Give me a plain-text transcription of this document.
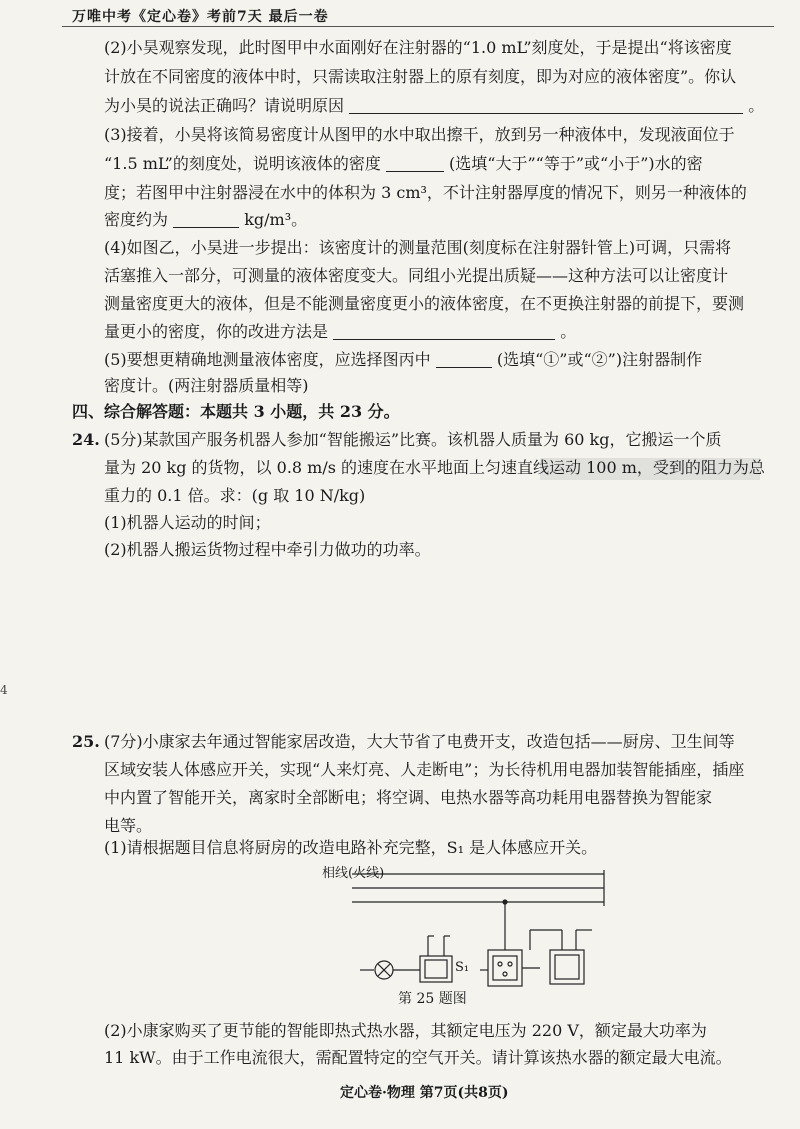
万唯中考《定心卷》考前7天 最后一卷
(2)小昊观察发现，此时图甲中水面刚好在注射器的“1.0 mL”刻度处，于是提出“将该密度
计放在不同密度的液体中时，只需读取注射器上的原有刻度，即为对应的液体密度”。你认
为小昊的说法正确吗？请说明原因	。
(3)接着，小昊将该简易密度计从图甲的水中取出擦干，放到另一种液体中，发现液面位于
“1.5 mL”的刻度处，说明该液体的密度	(选填“大于”“等于”或“小于”)水的密
度；若图甲中注射器浸在水中的体积为 3 cm³，不计注射器厚度的情况下，则另一种液体的
密度约为	kg/m³。
(4)如图乙，小昊进一步提出：该密度计的测量范围(刻度标在注射器针管上)可调，只需将
活塞推入一部分，可测量的液体密度变大。同组小光提出质疑——这种方法可以让密度计
测量密度更大的液体，但是不能测量密度更小的液体密度，在不更换注射器的前提下，要测
量更小的密度，你的改进方法是	。
(5)要想更精确地测量液体密度，应选择图丙中	(选填“①”或“②”)注射器制作
密度计。(两注射器质量相等)
四、综合解答题：本题共 3 小题，共 23 分。
24. (5分)某款国产服务机器人参加“智能搬运”比赛。该机器人质量为 60 kg，它搬运一个质
量为 20 kg 的货物，以 0.8 m/s 的速度在水平地面上匀速直线运动 100 m，受到的阻力为总
重力的 0.1 倍。求：(g 取 10 N/kg)
(1)机器人运动的时间；
(2)机器人搬运货物过程中牵引力做功的功率。
4
25. (7分)小康家去年通过智能家居改造，大大节省了电费开支，改造包括——厨房、卫生间等
区域安装人体感应开关，实现“人来灯亮、人走断电”；为长待机用电器加装智能插座，插座
中内置了智能开关，离家时全部断电；将空调、电热水器等高功耗用电器替换为智能家
电等。
(1)请根据题目信息将厨房的改造电路补充完整，S₁ 是人体感应开关。
相线(火线)
S₁
第 25 题图
(2)小康家购买了更节能的智能即热式热水器，其额定电压为 220 V，额定最大功率为
11 kW。由于工作电流很大，需配置特定的空气开关。请计算该热水器的额定最大电流。
定心卷·物理 第7页(共8页)
